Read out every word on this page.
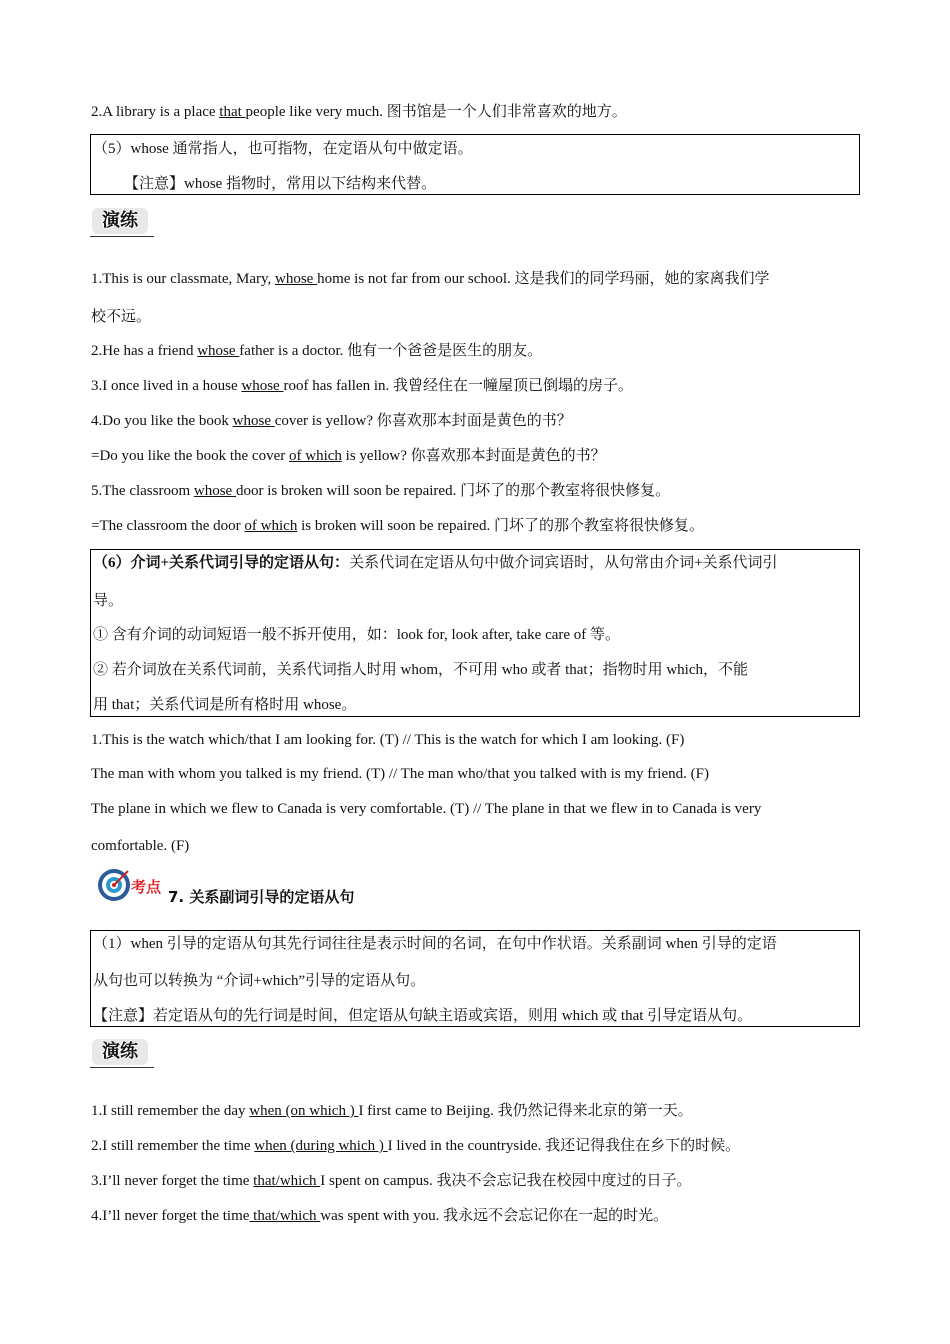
2.A library is a place that people like very much. 图书馆是一个人们非常喜欢的地方。
（5）whose 通常指人，也可指物，在定语从句中做定语。
【注意】whose 指物时，常用以下结构来代替。
演练
1.This is our classmate, Mary, whose home is not far from our school. 这是我们的同学玛丽，她的家离我们学
校不远。
2.He has a friend whose father is a doctor. 他有一个爸爸是医生的朋友。
3.I once lived in a house whose roof has fallen in. 我曾经住在一幢屋顶已倒塌的房子。
4.Do you like the book whose cover is yellow? 你喜欢那本封面是黄色的书？
=Do you like the book the cover of which is yellow? 你喜欢那本封面是黄色的书？
5.The classroom whose door is broken will soon be repaired. 门坏了的那个教室将很快修复。
=The classroom the door of which is broken will soon be repaired. 门坏了的那个教室将很快修复。
（6）介词+关系代词引导的定语从句：关系代词在定语从句中做介词宾语时，从句常由介词+关系代词引
导。
① 含有介词的动词短语一般不拆开使用，如：look for, look after, take care of 等。
② 若介词放在关系代词前，关系代词指人时用 whom，不可用 who 或者 that；指物时用 which，不能
用 that；关系代词是所有格时用 whose。
1.This is the watch which/that I am looking for. (T) // This is the watch for which I am looking. (F)
The man with whom you talked is my friend. (T) // The man who/that you talked with is my friend. (F)
The plane in which we flew to Canada is very comfortable. (T) // The plane in that we flew in to Canada is very
comfortable. (F)
考点
7. 关系副词引导的定语从句
（1）when 引导的定语从句其先行词往往是表示时间的名词，在句中作状语。关系副词 when 引导的定语
从句也可以转换为 “介词+which”引导的定语从句。
【注意】若定语从句的先行词是时间，但定语从句缺主语或宾语，则用 which 或 that 引导定语从句。
演练
1.I still remember the day when (on which ) I first came to Beijing. 我仍然记得来北京的第一天。
2.I still remember the time when (during which ) I lived in the countryside. 我还记得我住在乡下的时候。
3.I’ll never forget the time that/which I spent on campus. 我决不会忘记我在校园中度过的日子。
4.I’ll never forget the time that/which was spent with you. 我永远不会忘记你在一起的时光。
